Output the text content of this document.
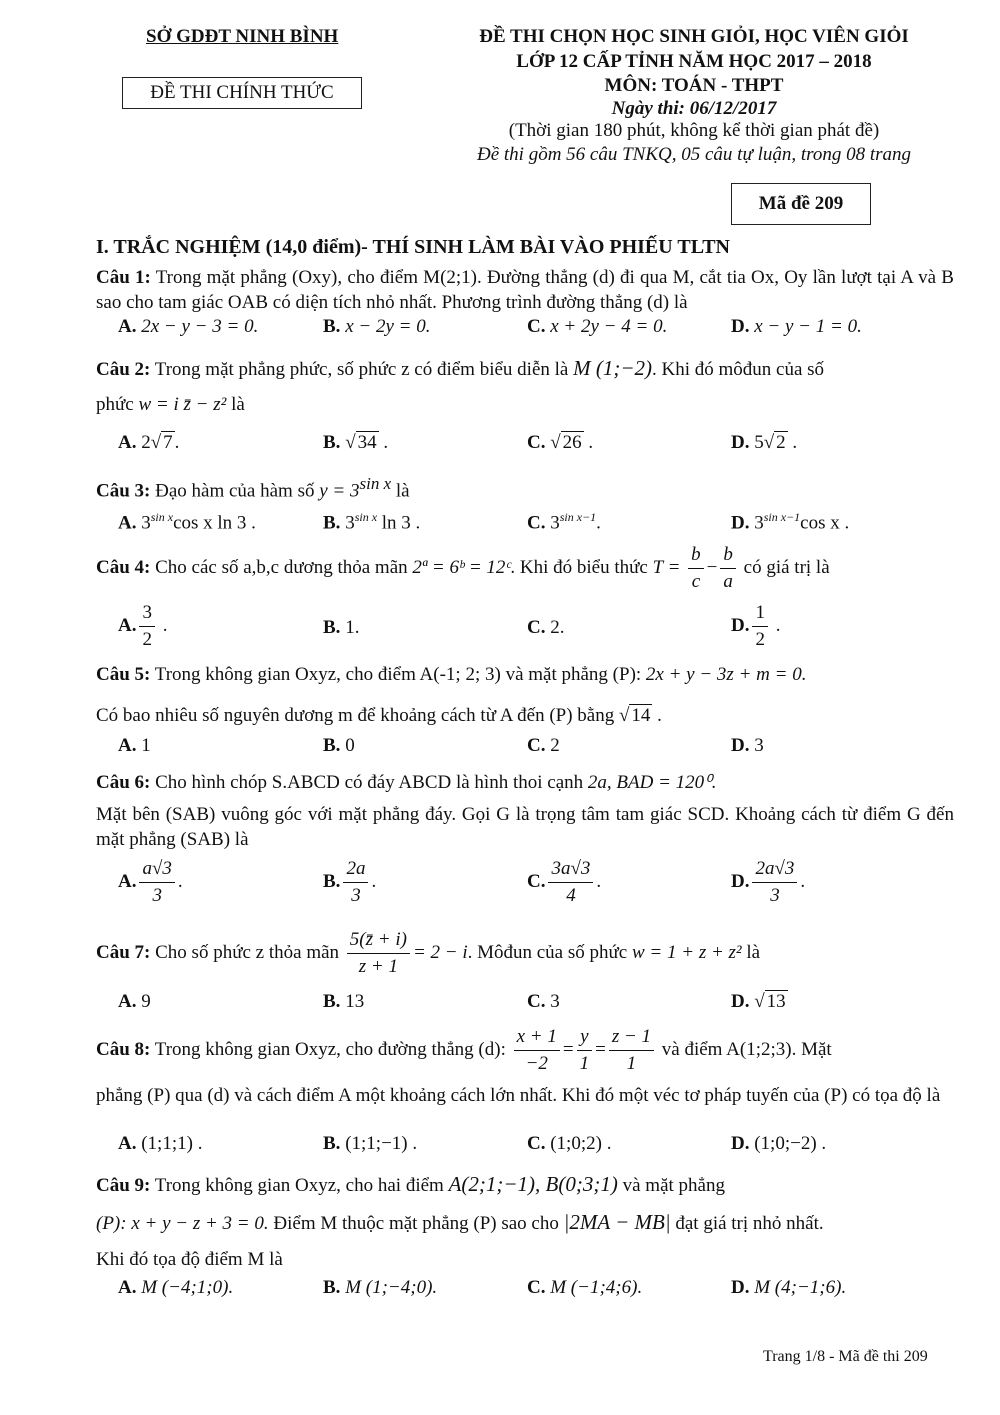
SỞ GDĐT NINH BÌNH
ĐỀ THI CHÍNH THỨC
ĐỀ THI CHỌN HỌC SINH GIỎI, HỌC VIÊN GIỎI
LỚP 12 CẤP TỈNH NĂM HỌC 2017 – 2018
MÔN: TOÁN - THPT
Ngày thi: 06/12/2017
(Thời gian 180 phút, không kể thời gian phát đề)
Đề thi gồm 56 câu TNKQ, 05 câu tự luận, trong 08 trang
Mã đề 209
I. TRẮC NGHIỆM (14,0 điểm)- THÍ SINH LÀM BÀI VÀO PHIẾU TLTN
Câu 1: Trong mặt phẳng (Oxy), cho điểm M(2;1). Đường thẳng (d) đi qua M, cắt tia Ox, Oy lần lượt tại A và B sao cho tam giác OAB có diện tích nhỏ nhất. Phương trình đường thẳng (d) là
A. 2x − y − 3 = 0.	B. x − 2y = 0.	C. x + 2y − 4 = 0.	D. x − y − 1 = 0.
Câu 2: Trong mặt phẳng phức, số phức z có điểm biểu diễn là M (1;−2). Khi đó môđun của số
phức w = i z̄ − z² là
A. 2√ 7 .	B. √ 34 .	C. √ 26 .	D. 5√ 2 .
Câu 3: Đạo hàm của hàm số $y = 3^{sin x}$ là
A. $3^{sin x}\cos$ x ln 3 .	B. $3^{sin x}$ ln 3 .	C. $3^{sin x-1}$.	D. $3^{sin x-1}\cos$ x .
Câu 4: Cho các số a,b,c dương thỏa mãn 2ª = 6ᵇ = 12ᶜ. Khi đó biểu thức $T = \frac{b}{c} - \frac{b}{a}$ có giá trị là
A. $\frac{3}{2}$ .	B. 1.	C. 2.	D. $\frac{1}{2}$ .
Câu 5: Trong không gian Oxyz, cho điểm A(-1; 2; 3) và mặt phẳng (P): 2x + y − 3z + m = 0.
Có bao nhiêu số nguyên dương m để khoảng cách từ A đến (P) bằng √ 14 .
A. 1	B. 0	C. 2	D. 3
Câu 6: Cho hình chóp S.ABCD có đáy ABCD là hình thoi cạnh 2a, BAD = 120⁰.
Mặt bên (SAB) vuông góc với mặt phẳng đáy. Gọi G là trọng tâm tam giác SCD. Khoảng cách từ điểm G đến mặt phẳng (SAB) là
A. $\frac{a√3}{3}$ .	B. $\frac{2a}{3}$ .	C. $\frac{3a√3}{4}$ .	D. $\frac{2a√3}{3}$ .
Câu 7: Cho số phức z thỏa mãn $\frac{5(z̄ + i)}{z + 1} = 2 - i$. Môđun của số phức w = 1 + z + z² là
A. 9	B. 13	C. 3	D. √ 13
Câu 8: Trong không gian Oxyz, cho đường thẳng (d): $\frac{x + 1}{-2} = \frac{y}{1} = \frac{z - 1}{1}$ và điểm A(1;2;3). Mặt
phẳng (P) qua (d) và cách điểm A một khoảng cách lớn nhất. Khi đó một véc tơ pháp tuyến của (P) có tọa độ là
A. (1;1;1) .	B. (1;1;−1) .	C. (1;0;2) .	D. (1;0;−2) .
Câu 9: Trong không gian Oxyz, cho hai điểm A(2;1;−1), B(0;3;1) và mặt phẳng
(P): x + y − z + 3 = 0. Điểm M thuộc mặt phẳng (P) sao cho |2MA − MB| đạt giá trị nhỏ nhất.
Khi đó tọa độ điểm M là
A. M (−4;1;0).	B. M (1;−4;0).	C. M (−1;4;6).	D. M (4;−1;6).
Trang 1/8 - Mã đề thi 209
